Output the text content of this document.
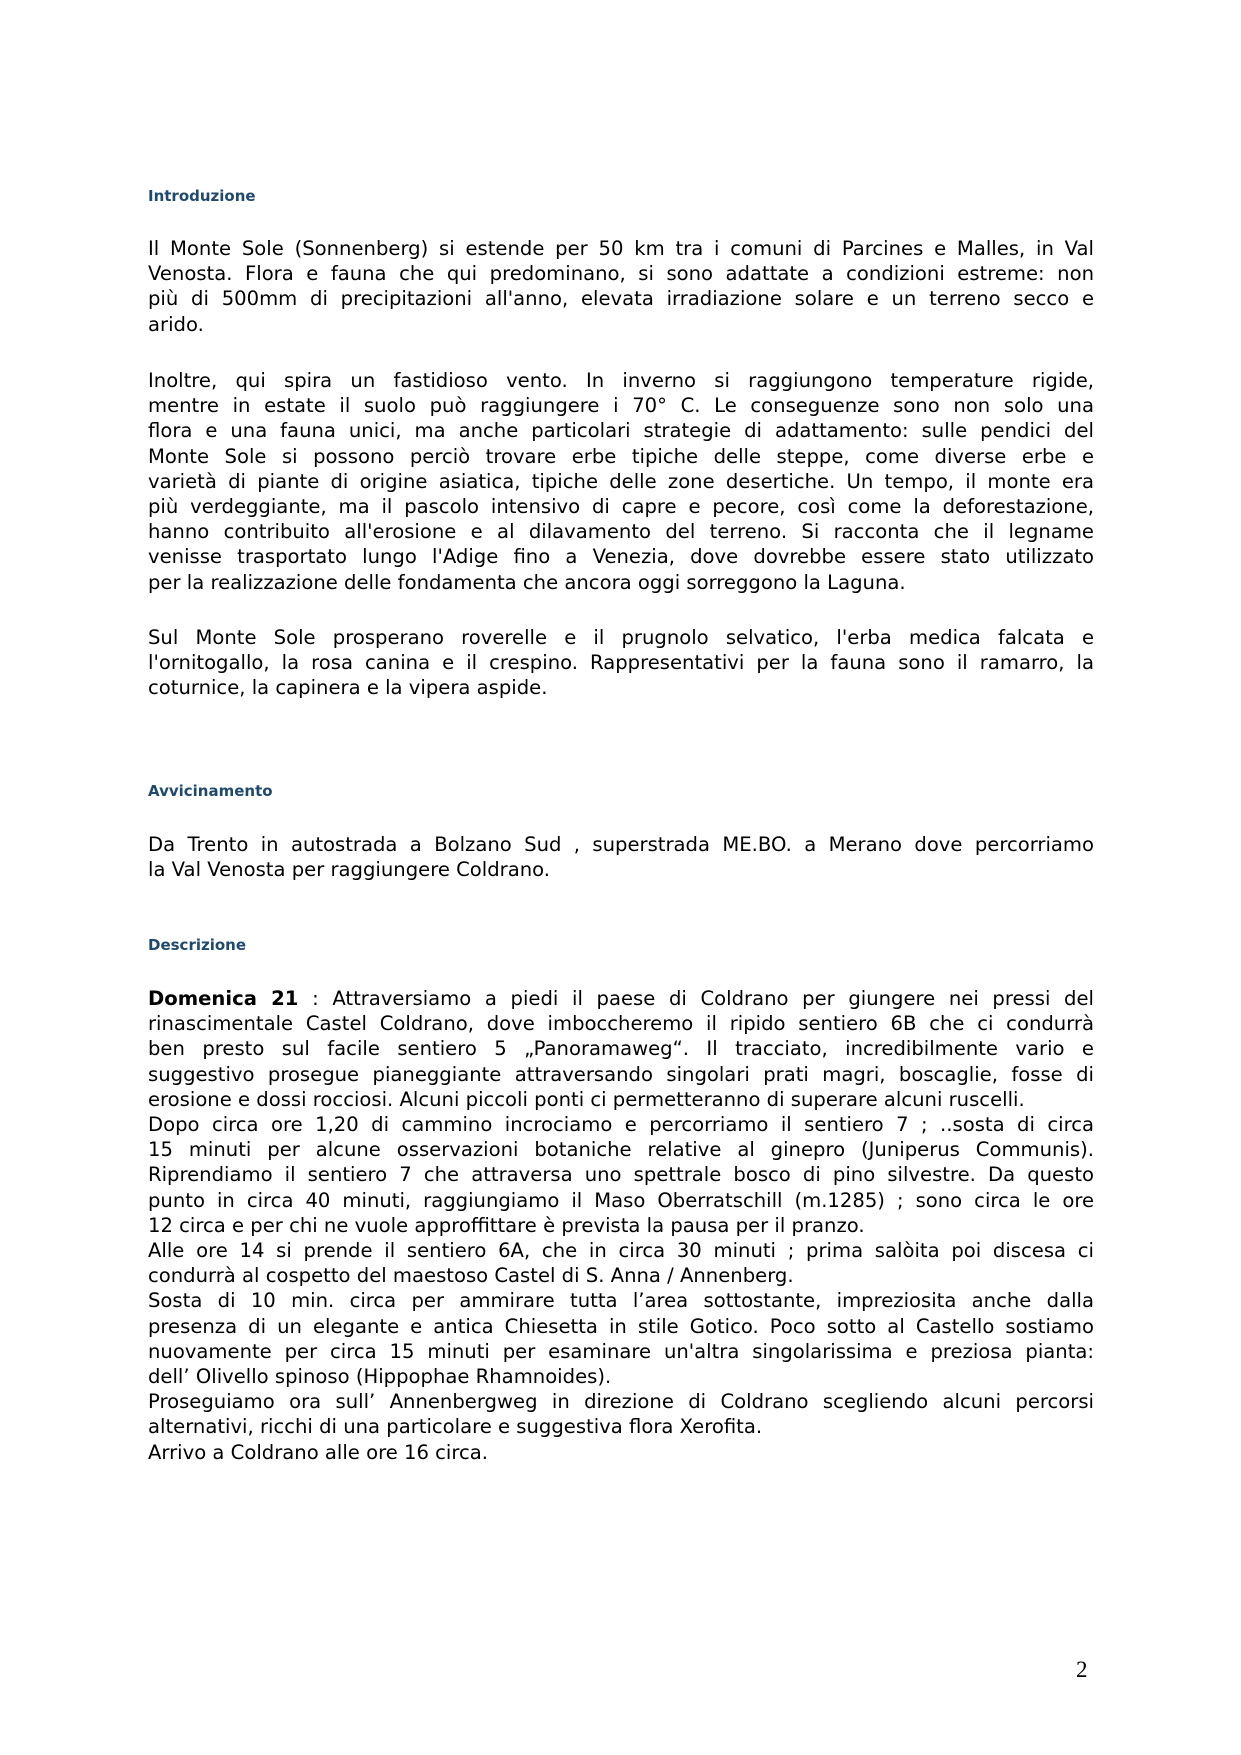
Introduzione

Il Monte Sole (Sonnenberg) si estende per 50 km tra i comuni di Parcines e Malles, in Val
Venosta. Flora e fauna che qui predominano, si sono adattate a condizioni estreme: non
più di 500mm di precipitazioni all'anno, elevata irradiazione solare e un terreno secco e
arido.

Inoltre, qui spira un fastidioso vento. In inverno si raggiungono temperature rigide,
mentre in estate il suolo può raggiungere i 70° C. Le conseguenze sono non solo una
flora e una fauna unici, ma anche particolari strategie di adattamento: sulle pendici del
Monte Sole si possono perciò trovare erbe tipiche delle steppe, come diverse erbe e
varietà di piante di origine asiatica, tipiche delle zone desertiche. Un tempo, il monte era
più verdeggiante, ma il pascolo intensivo di capre e pecore, così come la deforestazione,
hanno contribuito all'erosione e al dilavamento del terreno. Si racconta che il legname
venisse trasportato lungo l'Adige fino a Venezia, dove dovrebbe essere stato utilizzato
per la realizzazione delle fondamenta che ancora oggi sorreggono la Laguna.

Sul Monte Sole prosperano roverelle e il prugnolo selvatico, l'erba medica falcata e
l'ornitogallo, la rosa canina e il crespino. Rappresentativi per la fauna sono il ramarro, la
coturnice, la capinera e la vipera aspide.

Avvicinamento

Da Trento in autostrada a Bolzano Sud , superstrada ME.BO. a Merano dove percorriamo
la Val Venosta per raggiungere Coldrano.

Descrizione

Domenica 21 : Attraversiamo a piedi il paese di Coldrano per giungere nei pressi del
rinascimentale Castel Coldrano, dove imboccheremo il ripido sentiero 6B che ci condurrà
ben presto sul facile sentiero 5 „Panoramaweg“. Il tracciato, incredibilmente vario e
suggestivo prosegue pianeggiante attraversando singolari prati magri, boscaglie, fosse di
erosione e dossi rocciosi. Alcuni piccoli ponti ci permetteranno di superare alcuni ruscelli.
Dopo circa ore 1,20 di cammino incrociamo e percorriamo il sentiero 7 ; ..sosta di circa
15 minuti per alcune osservazioni botaniche relative al ginepro (Juniperus Communis).
Riprendiamo il sentiero 7 che attraversa uno spettrale bosco di pino silvestre. Da questo
punto in circa 40 minuti, raggiungiamo il Maso Oberratschill (m.1285) ; sono circa le ore
12 circa e per chi ne vuole approffittare è prevista la pausa per il pranzo.
Alle ore 14 si prende il sentiero 6A, che in circa 30 minuti ; prima salòita poi discesa ci
condurrà al cospetto del maestoso Castel di S. Anna / Annenberg.
Sosta di 10 min. circa per ammirare tutta l’area sottostante, impreziosita anche dalla
presenza di un elegante e antica Chiesetta in stile Gotico. Poco sotto al Castello sostiamo
nuovamente per circa 15 minuti per esaminare un'altra singolarissima e preziosa pianta:
dell’ Olivello spinoso (Hippophae Rhamnoides).
Proseguiamo ora sull’ Annenbergweg in direzione di Coldrano scegliendo alcuni percorsi
alternativi, ricchi di una particolare e suggestiva flora Xerofita.
Arrivo a Coldrano alle ore 16 circa.

2
